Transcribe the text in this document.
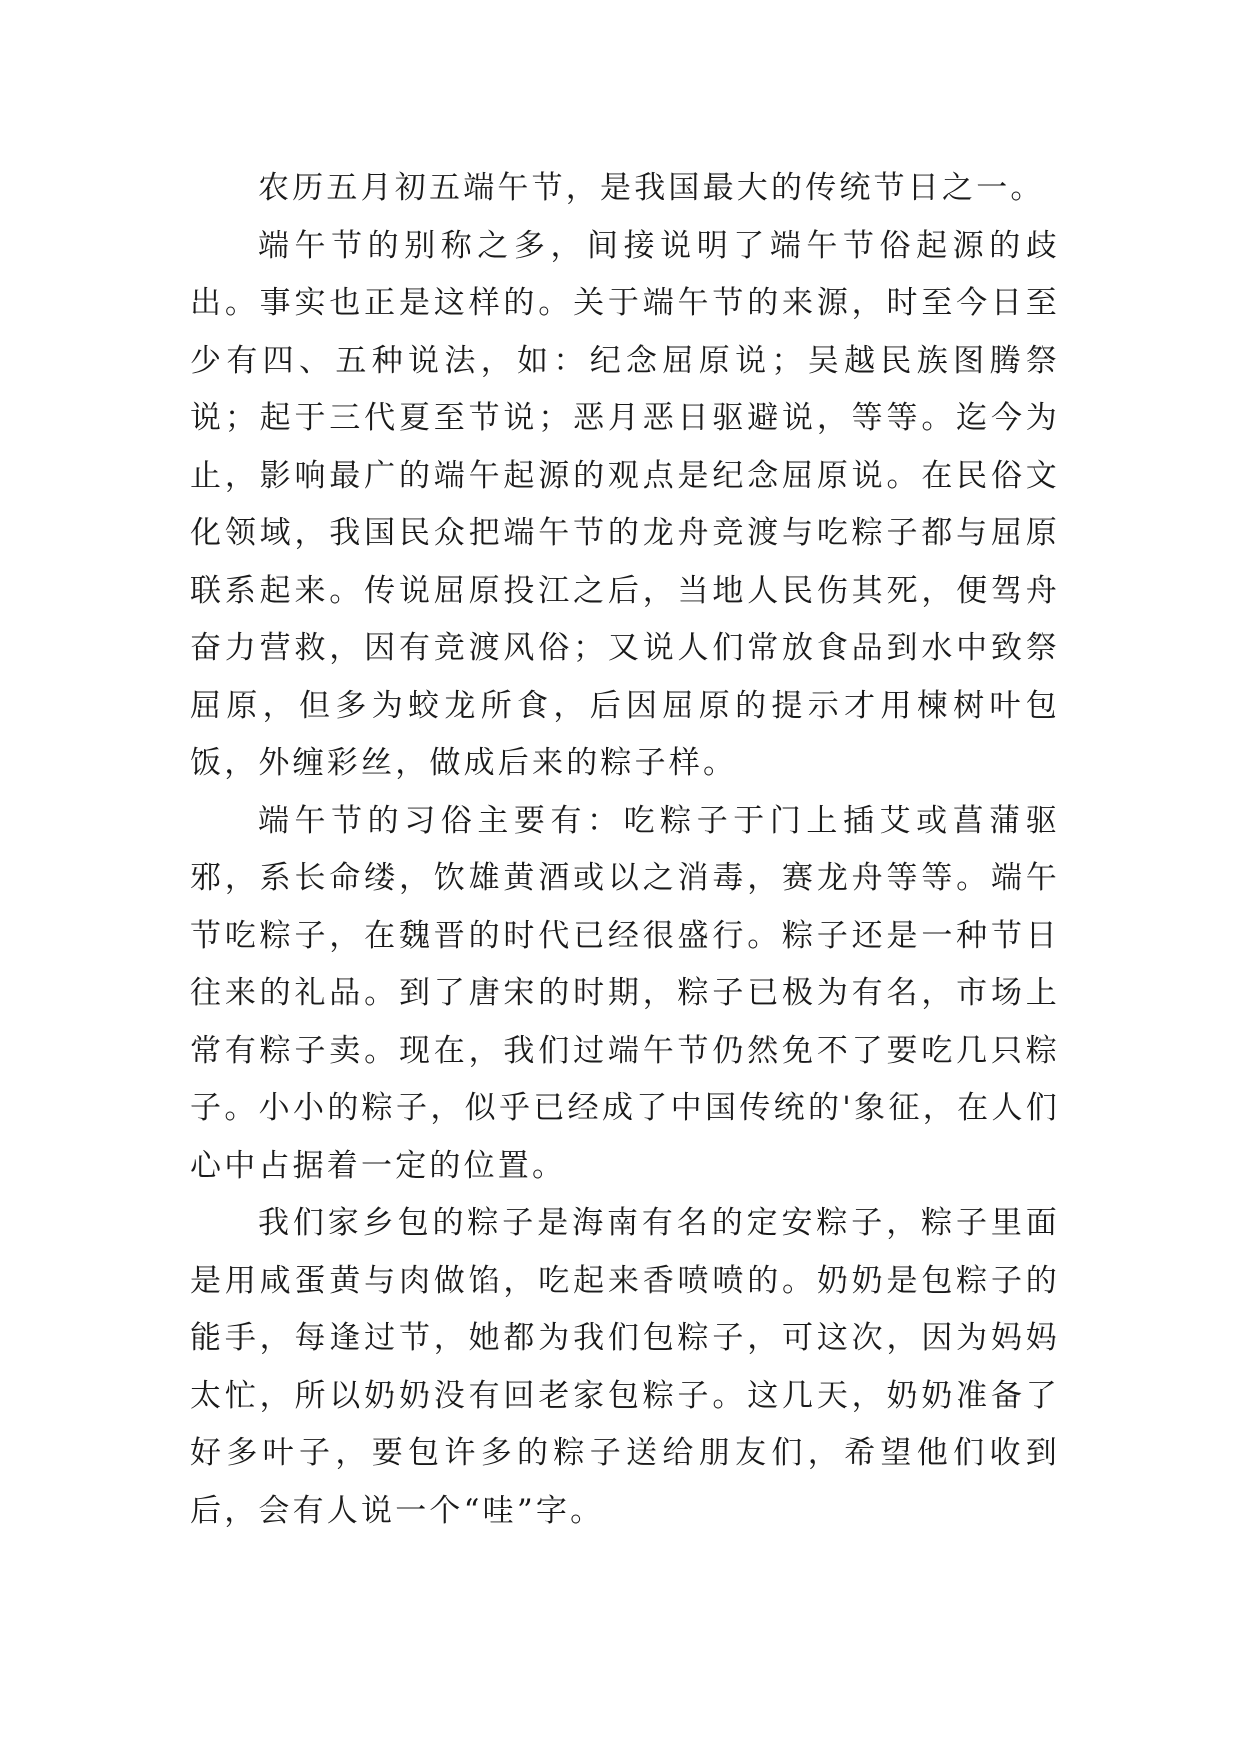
农历五月初五端午节，是我国最大的传统节日之一。

端午节的别称之多，间接说明了端午节俗起源的歧出。事实也正是这样的。关于端午节的来源，时至今日至少有四、五种说法，如：纪念屈原说；吴越民族图腾祭说；起于三代夏至节说；恶月恶日驱避说，等等。迄今为止，影响最广的端午起源的观点是纪念屈原说。在民俗文化领域，我国民众把端午节的龙舟竞渡与吃粽子都与屈原联系起来。传说屈原投江之后，当地人民伤其死，便驾舟奋力营救，因有竞渡风俗；又说人们常放食品到水中致祭屈原，但多为蛟龙所食，后因屈原的提示才用楝树叶包饭，外缠彩丝，做成后来的粽子样。

端午节的习俗主要有：吃粽子于门上插艾或菖蒲驱邪，系长命缕，饮雄黄酒或以之消毒，赛龙舟等等。端午节吃粽子，在魏晋的时代已经很盛行。粽子还是一种节日往来的礼品。到了唐宋的时期，粽子已极为有名，市场上常有粽子卖。现在，我们过端午节仍然免不了要吃几只粽子。小小的粽子，似乎已经成了中国传统的'象征，在人们心中占据着一定的位置。

我们家乡包的粽子是海南有名的定安粽子，粽子里面是用咸蛋黄与肉做馅，吃起来香喷喷的。奶奶是包粽子的能手，每逢过节，她都为我们包粽子，可这次，因为妈妈太忙，所以奶奶没有回老家包粽子。这几天，奶奶准备了好多叶子，要包许多的粽子送给朋友们，希望他们收到后，会有人说一个“哇”字。
